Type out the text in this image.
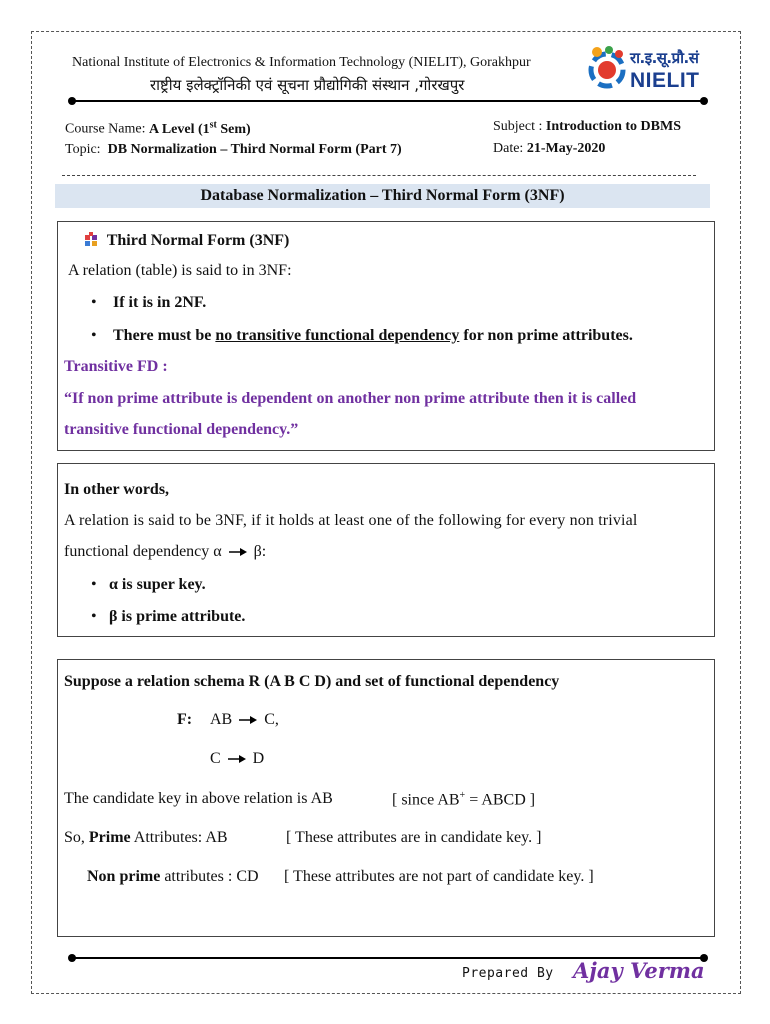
National Institute of Electronics & Information Technology (NIELIT), Gorakhpur
राष्ट्रीय इलेक्ट्रॉनिकी एवं सूचना प्रौद्योगिकी संस्थान ,गोरखपुर
रा.इ.सू.प्रौ.सं
NIELIT
Course Name: A Level (1st Sem)
Topic: DB Normalization – Third Normal Form (Part 7)
Subject : Introduction to DBMS
Date: 21-May-2020
Database Normalization – Third Normal Form (3NF)
Third Normal Form (3NF)
A relation (table) is said to in 3NF:
• If it is in 2NF.
• There must be no transitive functional dependency for non prime attributes.
Transitive FD :
“If non prime attribute is dependent on another non prime attribute then it is called
transitive functional dependency.”
In other words,
A relation is said to be 3NF, if it holds at least one of the following for every non trivial
functional dependency α β:
• α is super key.
• β is prime attribute.
Suppose a relation schema R (A B C D) and set of functional dependency
F: AB C,
C D
The candidate key in above relation is AB	[ since AB+ = ABCD ]
So, Prime Attributes: AB	[ These attributes are in candidate key. ]
Non prime attributes : CD [ These attributes are not part of candidate key. ]
Prepared By Ajay Verma
